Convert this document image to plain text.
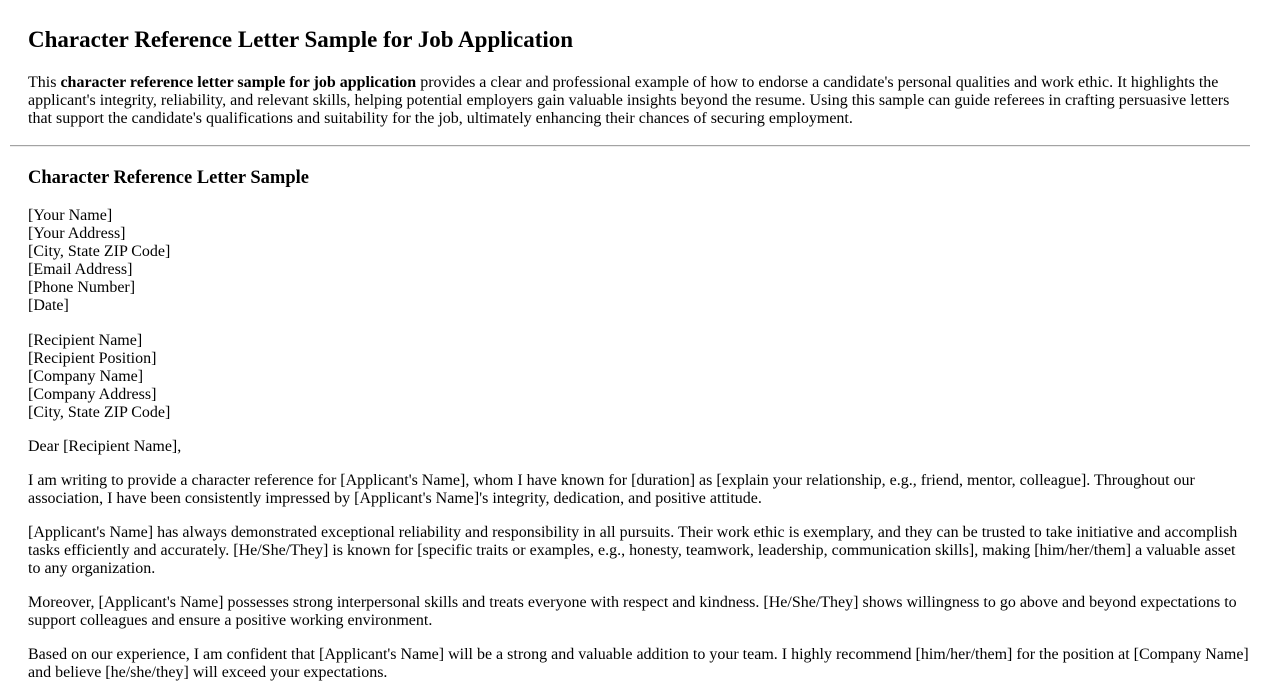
Character Reference Letter Sample for Job Application

This character reference letter sample for job application provides a clear and professional example of how to endorse a candidate's personal qualities and work ethic. It highlights the applicant's integrity, reliability, and relevant skills, helping potential employers gain valuable insights beyond the resume. Using this sample can guide referees in crafting persuasive letters that support the candidate's qualifications and suitability for the job, ultimately enhancing their chances of securing employment.

Character Reference Letter Sample

[Your Name]
[Your Address]
[City, State ZIP Code]
[Email Address]
[Phone Number]
[Date]

[Recipient Name]
[Recipient Position]
[Company Name]
[Company Address]
[City, State ZIP Code]

Dear [Recipient Name],

I am writing to provide a character reference for [Applicant's Name], whom I have known for [duration] as [explain your relationship, e.g., friend, mentor, colleague]. Throughout our association, I have been consistently impressed by [Applicant's Name]'s integrity, dedication, and positive attitude.

[Applicant's Name] has always demonstrated exceptional reliability and responsibility in all pursuits. Their work ethic is exemplary, and they can be trusted to take initiative and accomplish tasks efficiently and accurately. [He/She/They] is known for [specific traits or examples, e.g., honesty, teamwork, leadership, communication skills], making [him/her/them] a valuable asset to any organization.

Moreover, [Applicant's Name] possesses strong interpersonal skills and treats everyone with respect and kindness. [He/She/They] shows willingness to go above and beyond expectations to support colleagues and ensure a positive working environment.

Based on our experience, I am confident that [Applicant's Name] will be a strong and valuable addition to your team. I highly recommend [him/her/them] for the position at [Company Name] and believe [he/she/they] will exceed your expectations.
